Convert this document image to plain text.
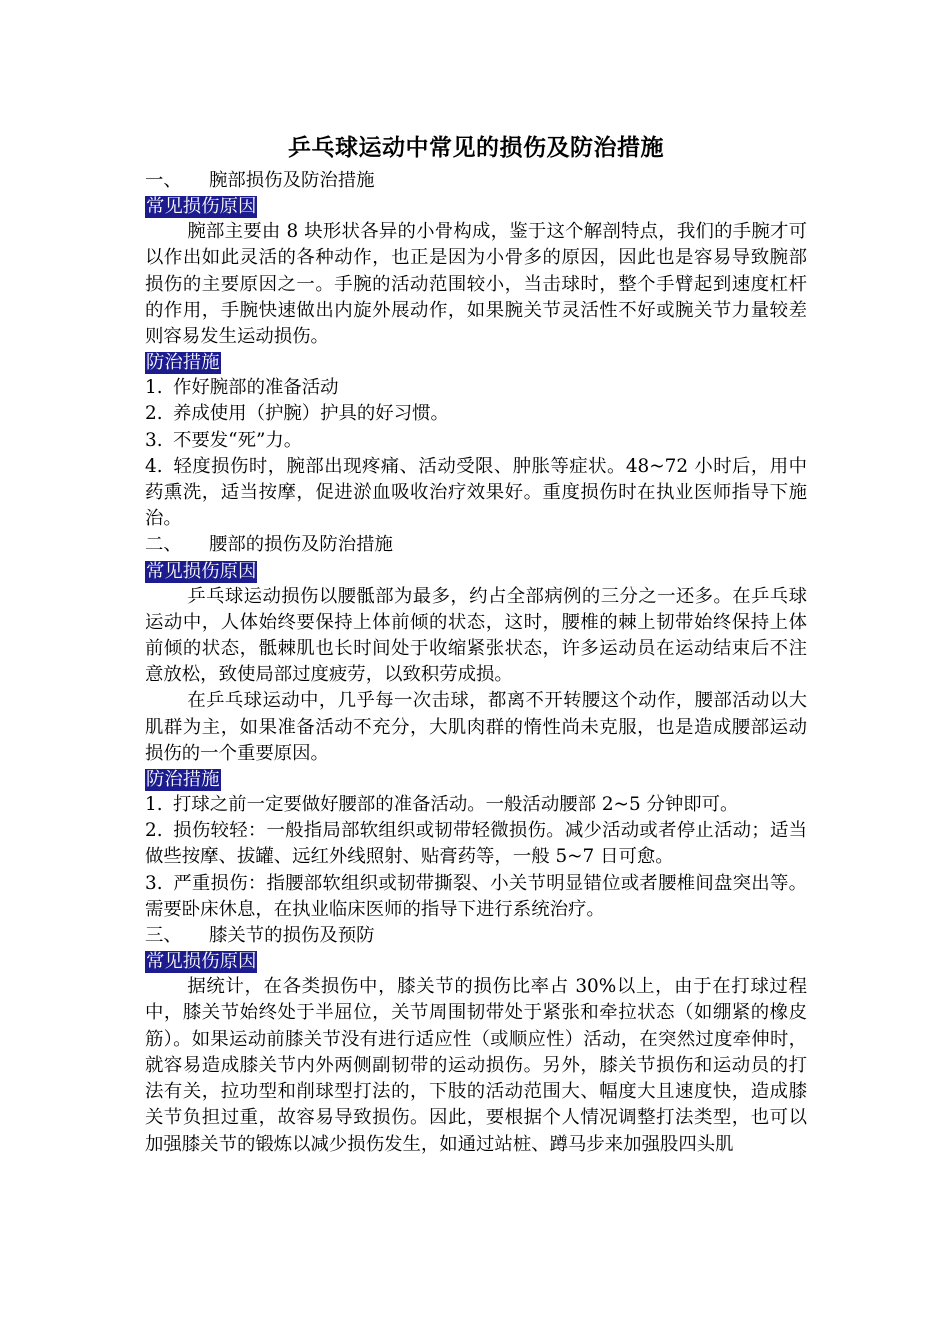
乒乓球运动中常见的损伤及防治措施
一、 腕部损伤及防治措施
常见损伤原因

腕部主要由 8 块形状各异的小骨构成，鉴于这个解剖特点，我们的手腕才可以作出如此灵活的各种动作，也正是因为小骨多的原因，因此也是容易导致腕部损伤的主要原因之一。手腕的活动范围较小，当击球时，整个手臂起到速度杠杆的作用，手腕快速做出内旋外展动作，如果腕关节灵活性不好或腕关节力量较差则容易发生运动损伤。

防治措施
1. 作好腕部的准备活动
2. 养成使用（护腕）护具的好习惯。
3. 不要发“死”力。
4. 轻度损伤时，腕部出现疼痛、活动受限、肿胀等症状。48~72 小时后，用中药熏洗，适当按摩，促进淤血吸收治疗效果好。重度损伤时在执业医师指导下施治。
二、 腰部的损伤及防治措施
常见损伤原因

乒乓球运动损伤以腰骶部为最多，约占全部病例的三分之一还多。在乒乓球运动中，人体始终要保持上体前倾的状态，这时，腰椎的棘上韧带始终保持上体前倾的状态，骶棘肌也长时间处于收缩紧张状态，许多运动员在运动结束后不注意放松，致使局部过度疲劳，以致积劳成损。

在乒乓球运动中，几乎每一次击球，都离不开转腰这个动作，腰部活动以大肌群为主，如果准备活动不充分，大肌肉群的惰性尚未克服，也是造成腰部运动损伤的一个重要原因。

防治措施
1. 打球之前一定要做好腰部的准备活动。一般活动腰部 2~5 分钟即可。
2. 损伤较轻：一般指局部软组织或韧带轻微损伤。减少活动或者停止活动；适当做些按摩、拔罐、远红外线照射、贴膏药等，一般 5~7 日可愈。
3. 严重损伤：指腰部软组织或韧带撕裂、小关节明显错位或者腰椎间盘突出等。需要卧床休息，在执业临床医师的指导下进行系统治疗。
三、 膝关节的损伤及预防
常见损伤原因

据统计，在各类损伤中，膝关节的损伤比率占 30%以上，由于在打球过程中，膝关节始终处于半屈位，关节周围韧带处于紧张和牵拉状态（如绷紧的橡皮筋）。如果运动前膝关节没有进行适应性（或顺应性）活动，在突然过度牵伸时，就容易造成膝关节内外两侧副韧带的运动损伤。另外，膝关节损伤和运动员的打法有关，拉功型和削球型打法的，下肢的活动范围大、幅度大且速度快，造成膝关节负担过重，故容易导致损伤。因此，要根据个人情况调整打法类型，也可以加强膝关节的锻炼以减少损伤发生，如通过站桩、蹲马步来加强股四头肌
